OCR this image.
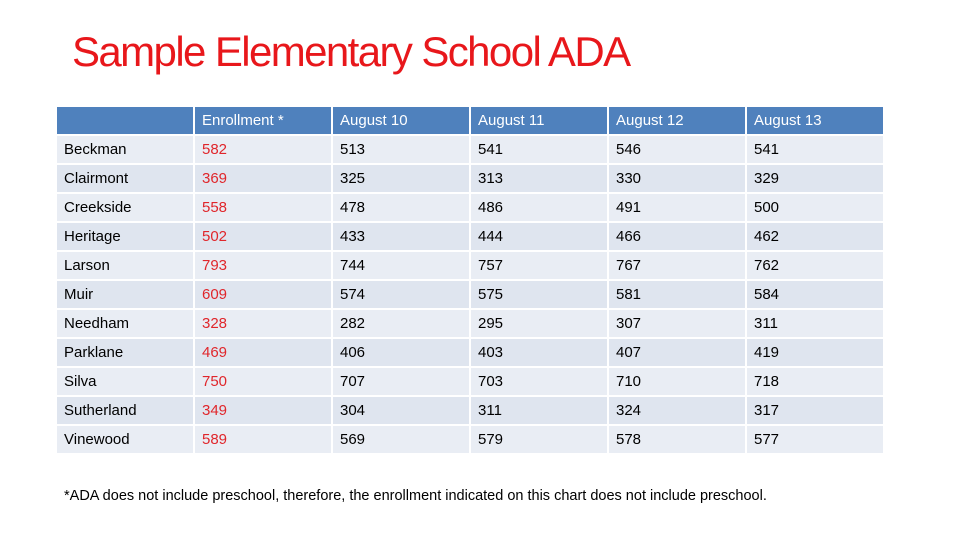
Sample Elementary School ADA
	Enrollment *	August 10	August 11	August 12	August 13
Beckman	582	513	541	546	541
Clairmont	369	325	313	330	329
Creekside	558	478	486	491	500
Heritage	502	433	444	466	462
Larson	793	744	757	767	762
Muir	609	574	575	581	584
Needham	328	282	295	307	311
Parklane	469	406	403	407	419
Silva	750	707	703	710	718
Sutherland	349	304	311	324	317
Vinewood	589	569	579	578	577
*ADA does not include preschool, therefore, the enrollment indicated on this chart does not include preschool.
